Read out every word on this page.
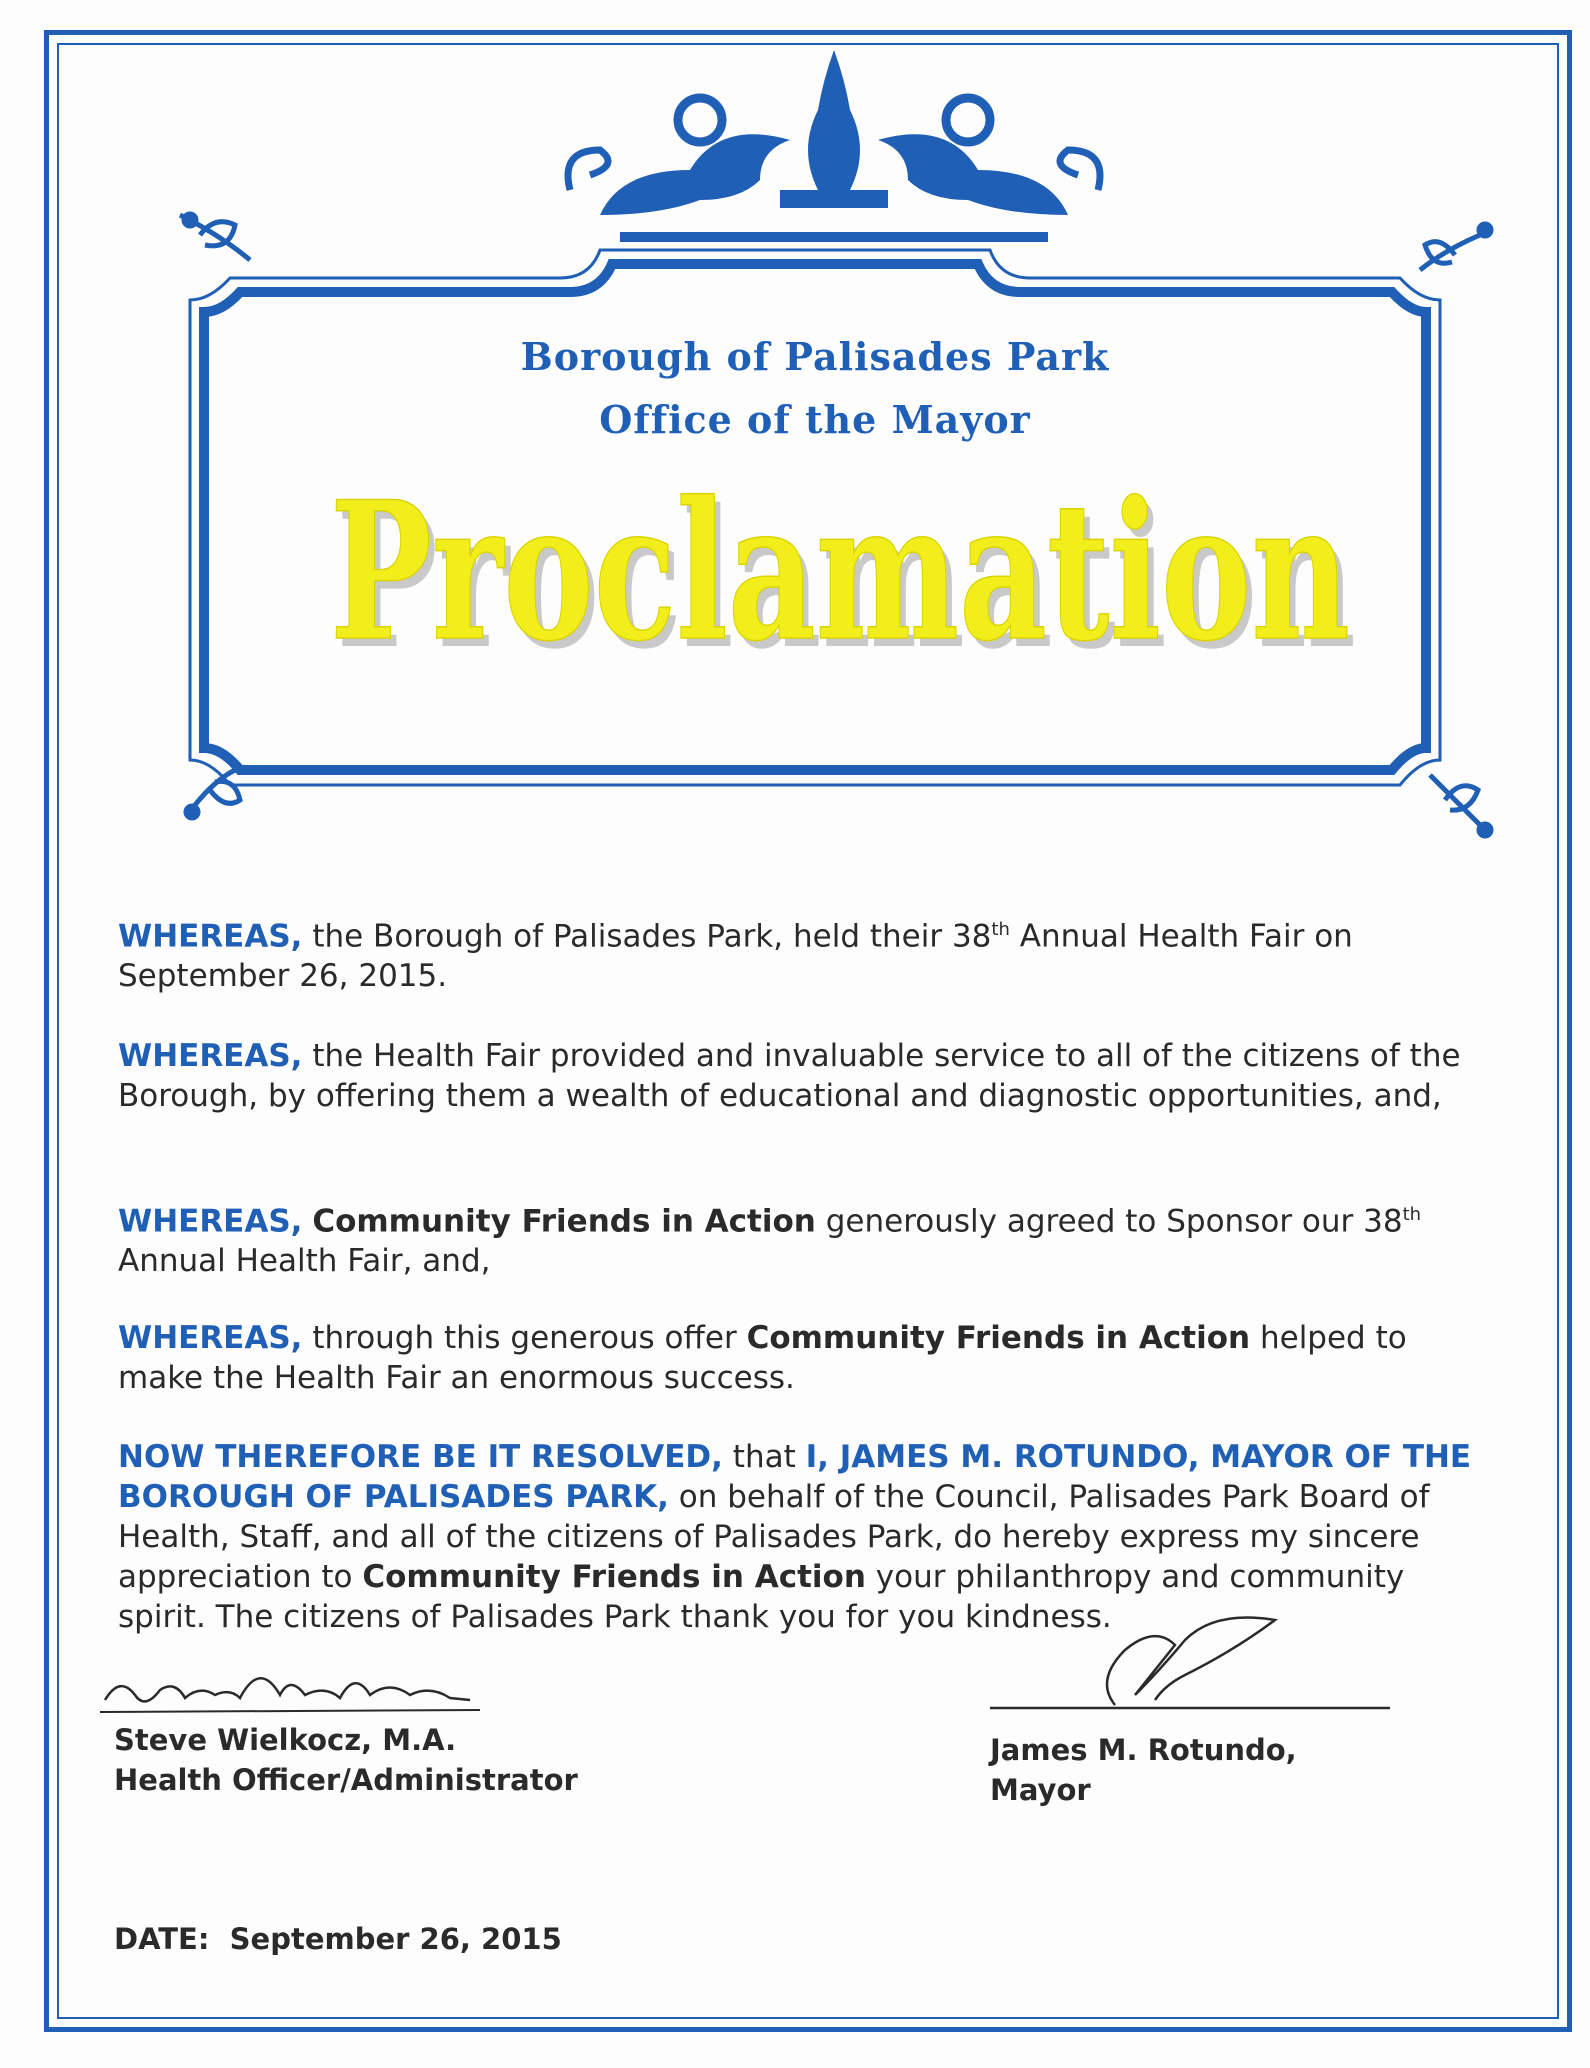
Borough of Palisades Park
Office of the Mayor
Proclamation
Proclamation
WHEREAS, the Borough of Palisades Park, held their 38th Annual Health Fair on September 26, 2015.
WHEREAS, the Health Fair provided and invaluable service to all of the citizens of the Borough, by offering them a wealth of educational and diagnostic opportunities, and,
WHEREAS, Community Friends in Action generously agreed to Sponsor our 38th Annual Health Fair, and,
WHEREAS, through this generous offer Community Friends in Action helped to make the Health Fair an enormous success.
NOW THEREFORE BE IT RESOLVED, that I, JAMES M. ROTUNDO, MAYOR OF THE BOROUGH OF PALISADES PARK, on behalf of the Council, Palisades Park Board of Health, Staff, and all of the citizens of Palisades Park, do hereby express my sincere appreciation to Community Friends in Action your philanthropy and community spirit. The citizens of Palisades Park thank you for you kindness.
Steve Wielkocz, M.A.
Health Officer/Administrator
James M. Rotundo,
Mayor
DATE: September 26, 2015
